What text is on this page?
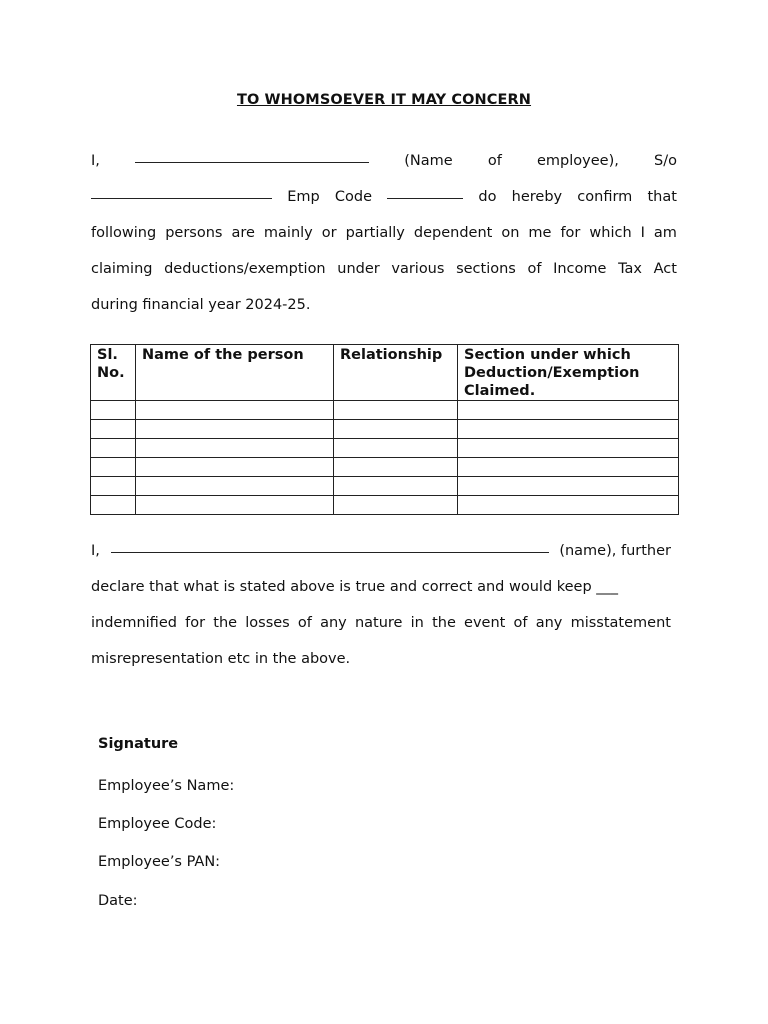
TO WHOMSOEVER IT MAY CONCERN
I,	(Name of employee), S/o
Emp Code	do hereby confirm that
following persons are mainly or partially dependent on me for which I am
claiming deductions/exemption under various sections of Income Tax Act
during financial year 2024-25.
Sl. No.	Name of the person	Relationship	Section under which Deduction/Exemption Claimed.

I,	(name), further
declare that what is stated above is true and correct and would keep ___
indemnified for the losses of any nature in the event of any misstatement
misrepresentation etc in the above.
Signature
Employee’s Name:
Employee Code:
Employee’s PAN:
Date:
